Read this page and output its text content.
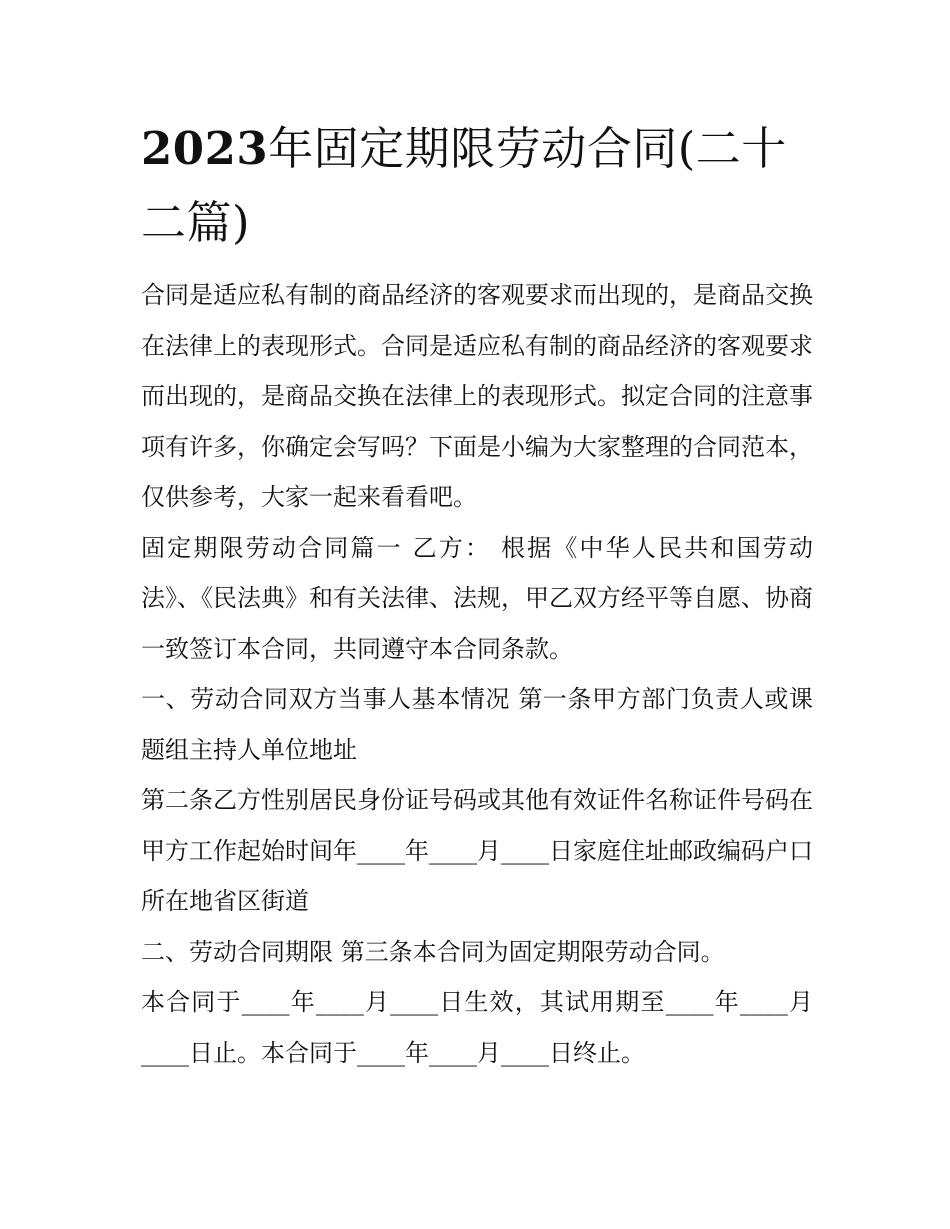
2023年固定期限劳动合同(二十二篇)

合同是适应私有制的商品经济的客观要求而出现的，是商品交换在法律上的表现形式。合同是适应私有制的商品经济的客观要求而出现的，是商品交换在法律上的表现形式。拟定合同的注意事项有许多，你确定会写吗？下面是小编为大家整理的合同范本，仅供参考，大家一起来看看吧。

固定期限劳动合同篇一 乙方： 根据《中华人民共和国劳动法》、《民法典》和有关法律、法规，甲乙双方经平等自愿、协商一致签订本合同，共同遵守本合同条款。

一、劳动合同双方当事人基本情况 第一条甲方部门负责人或课题组主持人单位地址

第二条乙方性别居民身份证号码或其他有效证件名称证件号码在甲方工作起始时间年____年____月____日家庭住址邮政编码户口所在地省区街道

二、劳动合同期限 第三条本合同为固定期限劳动合同。

本合同于____年____月____日生效，其试用期至____年____月____日止。本合同于____年____月____日终止。
